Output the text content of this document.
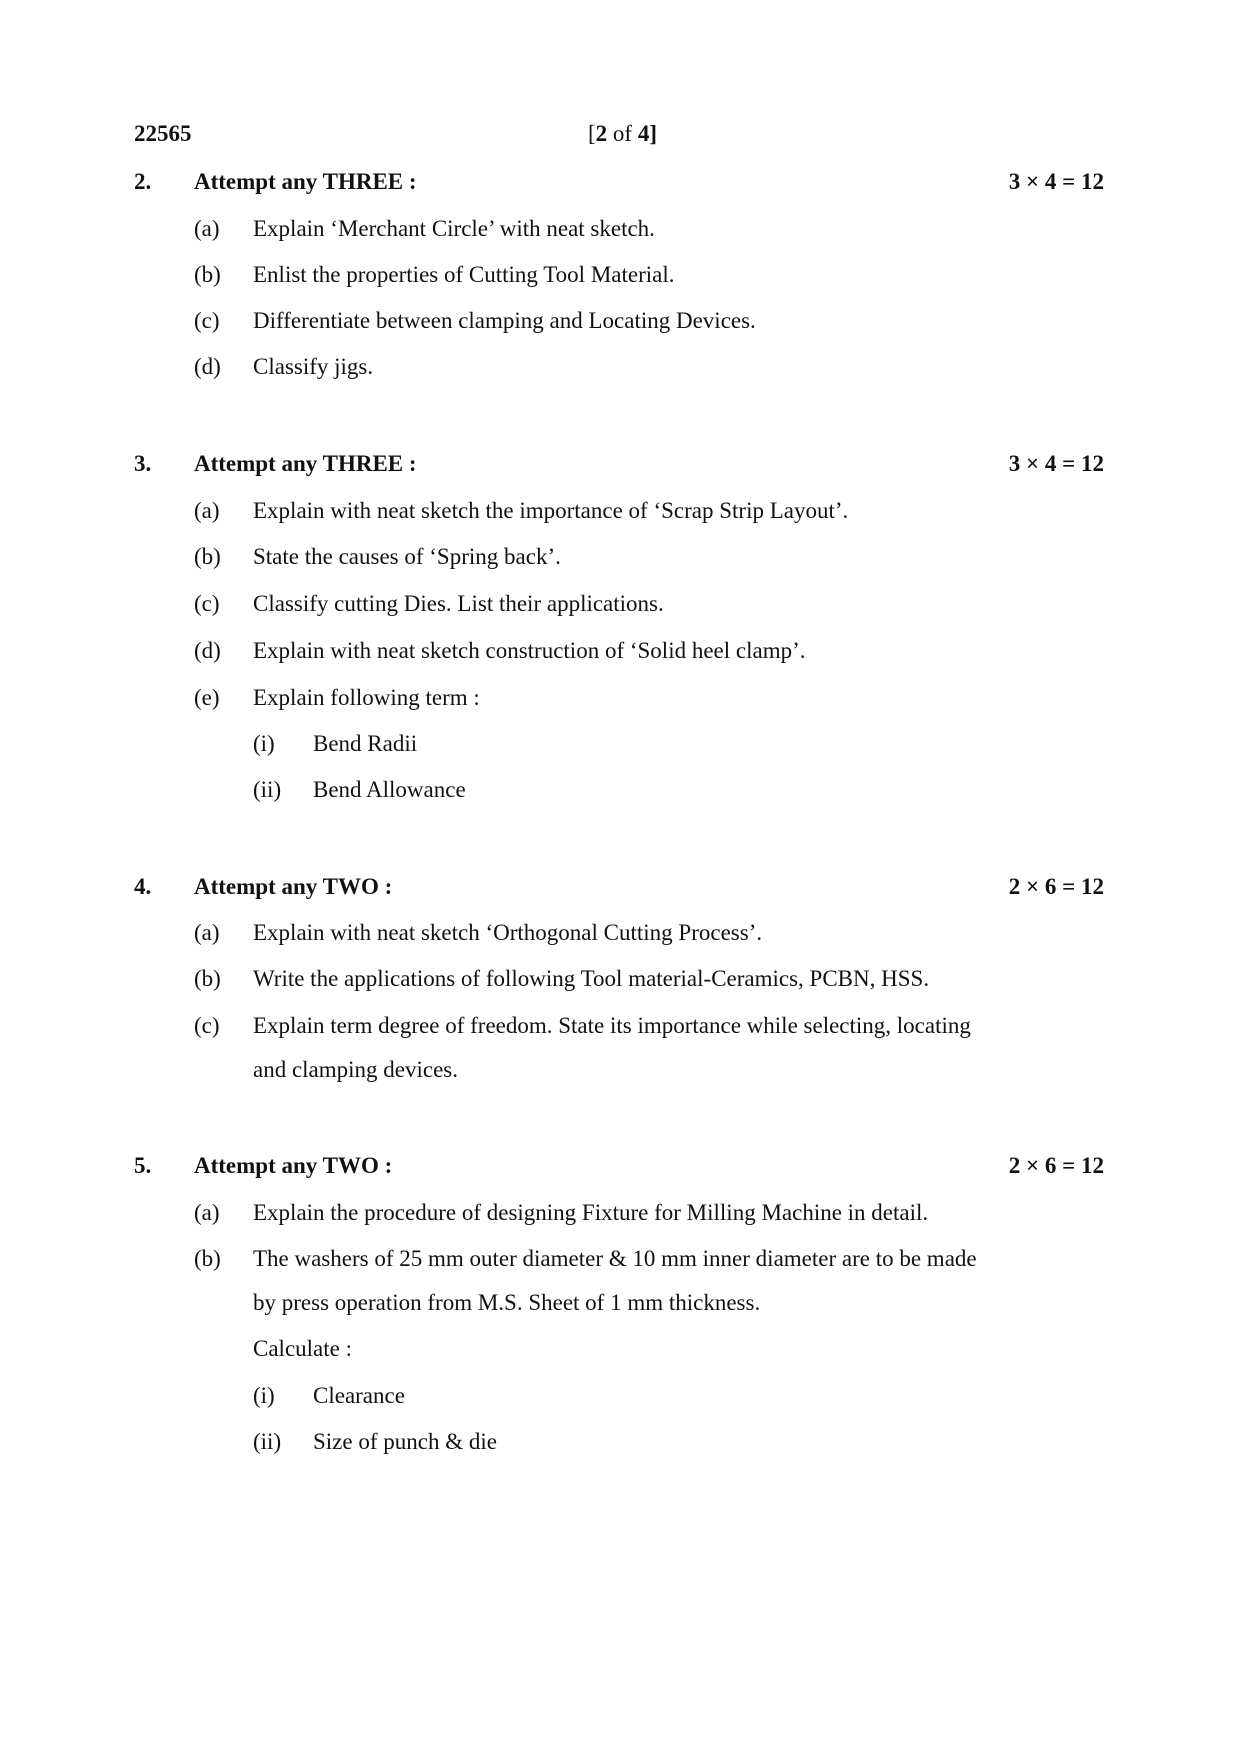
22565	[2 of 4]
2. Attempt any THREE :	3 × 4 = 12
(a) Explain ‘Merchant Circle’ with neat sketch.
(b) Enlist the properties of Cutting Tool Material.
(c) Differentiate between clamping and Locating Devices.
(d) Classify jigs.
3. Attempt any THREE :	3 × 4 = 12
(a) Explain with neat sketch the importance of ‘Scrap Strip Layout’.
(b) State the causes of ‘Spring back’.
(c) Classify cutting Dies. List their applications.
(d) Explain with neat sketch construction of ‘Solid heel clamp’.
(e) Explain following term :
(i) Bend Radii
(ii) Bend Allowance
4. Attempt any TWO :	2 × 6 = 12
(a) Explain with neat sketch ‘Orthogonal Cutting Process’.
(b) Write the applications of following Tool material-Ceramics, PCBN, HSS.
(c) Explain term degree of freedom. State its importance while selecting, locating
and clamping devices.
5. Attempt any TWO :	2 × 6 = 12
(a) Explain the procedure of designing Fixture for Milling Machine in detail.
(b) The washers of 25 mm outer diameter & 10 mm inner diameter are to be made
by press operation from M.S. Sheet of 1 mm thickness.
Calculate :
(i) Clearance
(ii) Size of punch & die
